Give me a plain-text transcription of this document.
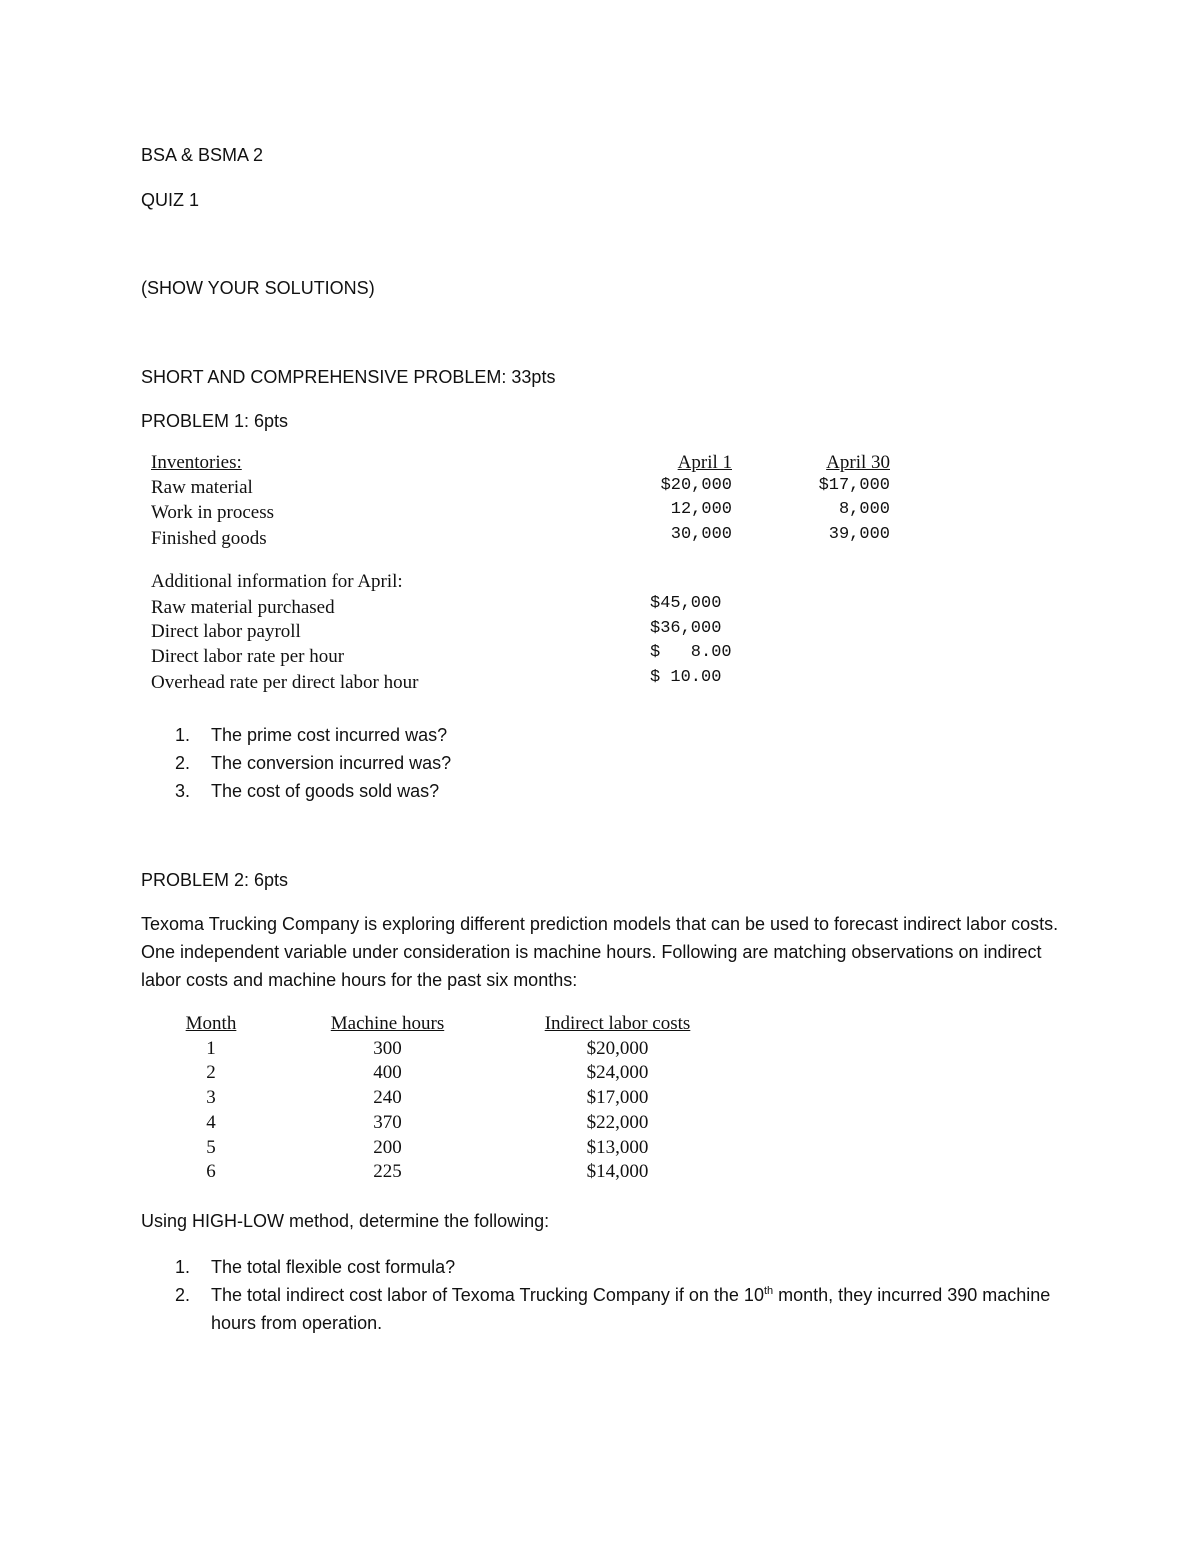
BSA & BSMA 2
QUIZ 1
(SHOW YOUR SOLUTIONS)
SHORT AND COMPREHENSIVE PROBLEM: 33pts
PROBLEM 1: 6pts
Inventories:	April 1	April 30
Raw material	$20,000	$17,000
Work in process	12,000	8,000
Finished goods	30,000	39,000
Additional information for April:
Raw material purchased	$45,000
Direct labor payroll	$36,000
Direct labor rate per hour	$   8.00
Overhead rate per direct labor hour	$ 10.00
1. The prime cost incurred was?
2. The conversion incurred was?
3. The cost of goods sold was?
PROBLEM 2: 6pts
Texoma Trucking Company is exploring different prediction models that can be used to forecast indirect labor costs. One independent variable under consideration is machine hours. Following are matching observations on indirect labor costs and machine hours for the past six months:
Month	Machine hours	Indirect labor costs
1	300	$20,000
2	400	$24,000
3	240	$17,000
4	370	$22,000
5	200	$13,000
6	225	$14,000
Using HIGH-LOW method, determine the following:
1. The total flexible cost formula?
2. The total indirect cost labor of Texoma Trucking Company if on the 10th month, they incurred 390 machine hours from operation.
